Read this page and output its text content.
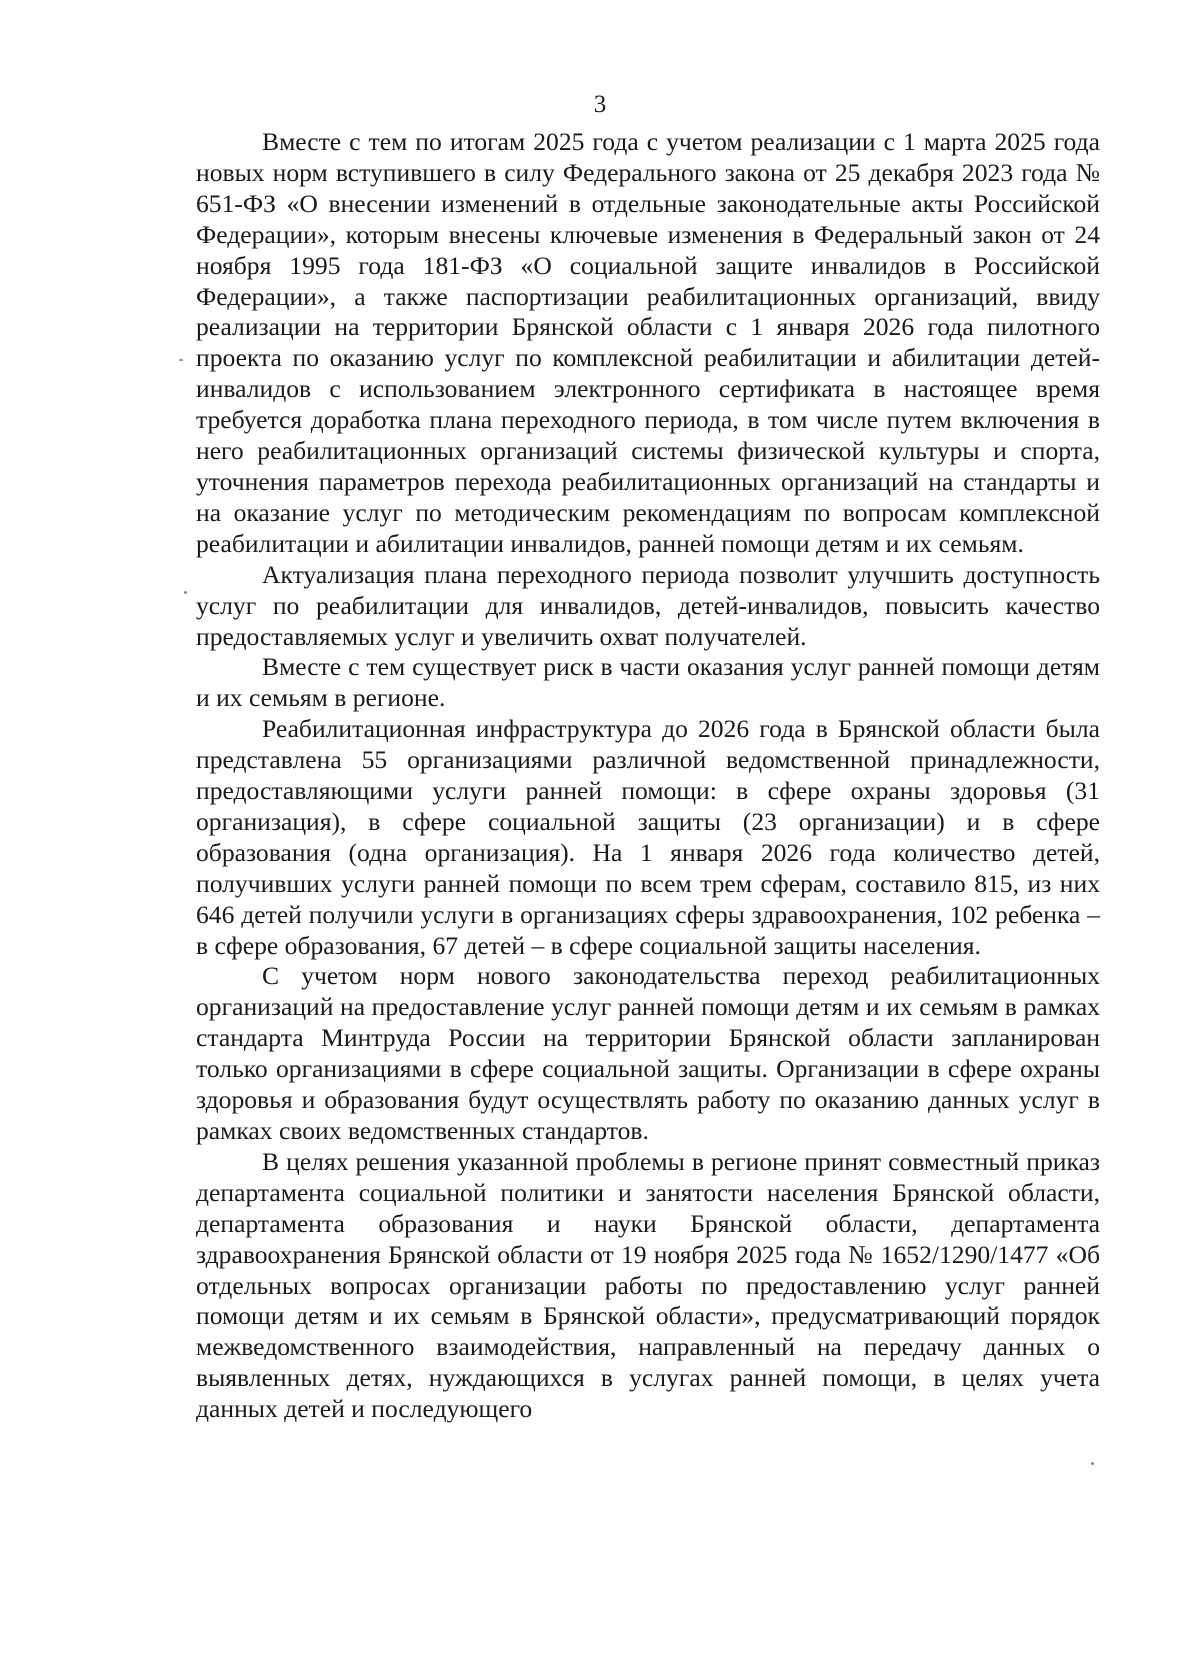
3

Вместе с тем по итогам 2025 года с учетом реализации с 1 марта 2025 года новых норм вступившего в силу Федерального закона от 25 декабря 2023 года № 651-ФЗ «О внесении изменений в отдельные законодательные акты Российской Федерации», которым внесены ключевые изменения в Федеральный закон от 24 ноября 1995 года 181-ФЗ «О социальной защите инвалидов в Российской Федерации», а также паспортизации реабилитационных организаций, ввиду реализации на территории Брянской области с 1 января 2026 года пилотного проекта по оказанию услуг по комплексной реабилитации и абилитации детей-инвалидов с использованием электронного сертификата в настоящее время требуется доработка плана переходного периода, в том числе путем включения в него реабилитационных организаций системы физической культуры и спорта, уточнения параметров перехода реабилитационных организаций на стандарты и на оказание услуг по методическим рекомендациям по вопросам комплексной реабилитации и абилитации инвалидов, ранней помощи детям и их семьям.

Актуализация плана переходного периода позволит улучшить доступность услуг по реабилитации для инвалидов, детей-инвалидов, повысить качество предоставляемых услуг и увеличить охват получателей.

Вместе с тем существует риск в части оказания услуг ранней помощи детям и их семьям в регионе.

Реабилитационная инфраструктура до 2026 года в Брянской области была представлена 55 организациями различной ведомственной принадлежности, предоставляющими услуги ранней помощи: в сфере охраны здоровья (31 организация), в сфере социальной защиты (23 организации) и в сфере образования (одна организация). На 1 января 2026 года количество детей, получивших услуги ранней помощи по всем трем сферам, составило 815, из них 646 детей получили услуги в организациях сферы здравоохранения, 102 ребенка – в сфере образования, 67 детей – в сфере социальной защиты населения.

С учетом норм нового законодательства переход реабилитационных организаций на предоставление услуг ранней помощи детям и их семьям в рамках стандарта Минтруда России на территории Брянской области запланирован только организациями в сфере социальной защиты. Организации в сфере охраны здоровья и образования будут осуществлять работу по оказанию данных услуг в рамках своих ведомственных стандартов.

В целях решения указанной проблемы в регионе принят совместный приказ департамента социальной политики и занятости населения Брянской области, департамента образования и науки Брянской области, департамента здравоохранения Брянской области от 19 ноября 2025 года № 1652/1290/1477 «Об отдельных вопросах организации работы по предоставлению услуг ранней помощи детям и их семьям в Брянской области», предусматривающий порядок межведомственного взаимодействия, направленный на передачу данных о выявленных детях, нуждающихся в услугах ранней помощи, в целях учета данных детей и последующего
